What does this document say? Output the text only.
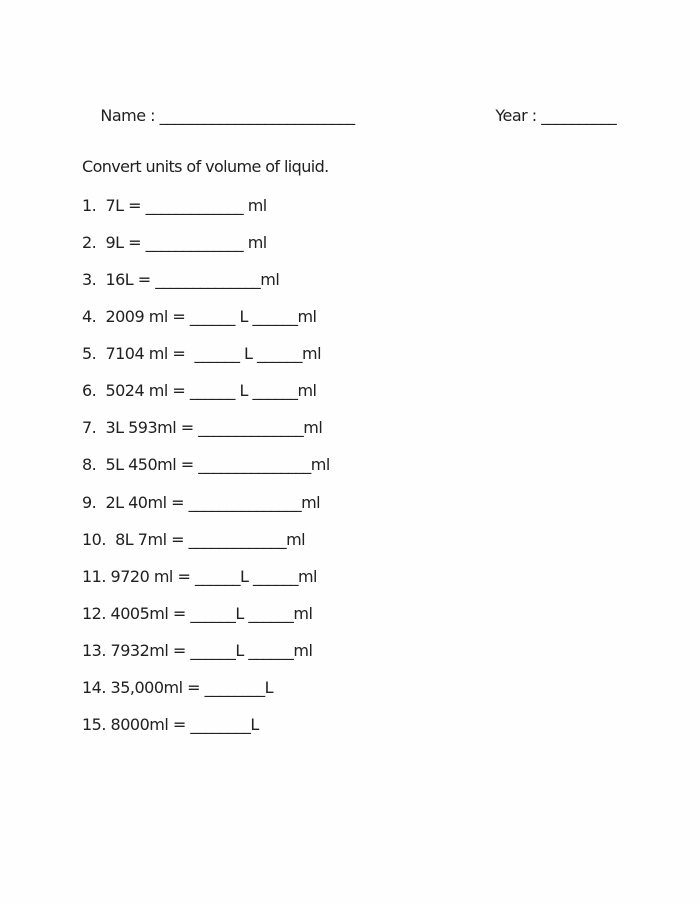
Name : __________________________
	Year : __________

Convert units of volume of liquid.
1.  7L = _____________ ml
2.  9L = _____________ ml
3.  16L = ______________ml
4.  2009 ml = ______ L ______ml
5.  7104 ml =  ______ L ______ml
6.  5024 ml = ______ L ______ml
7.  3L 593ml = ______________ml
8.  5L 450ml = _______________ml
9.  2L 40ml = _______________ml
10.  8L 7ml = _____________ml
11. 9720 ml = ______L ______ml
12. 4005ml = ______L ______ml
13. 7932ml = ______L ______ml
14. 35,000ml = ________L
15. 8000ml = ________L
